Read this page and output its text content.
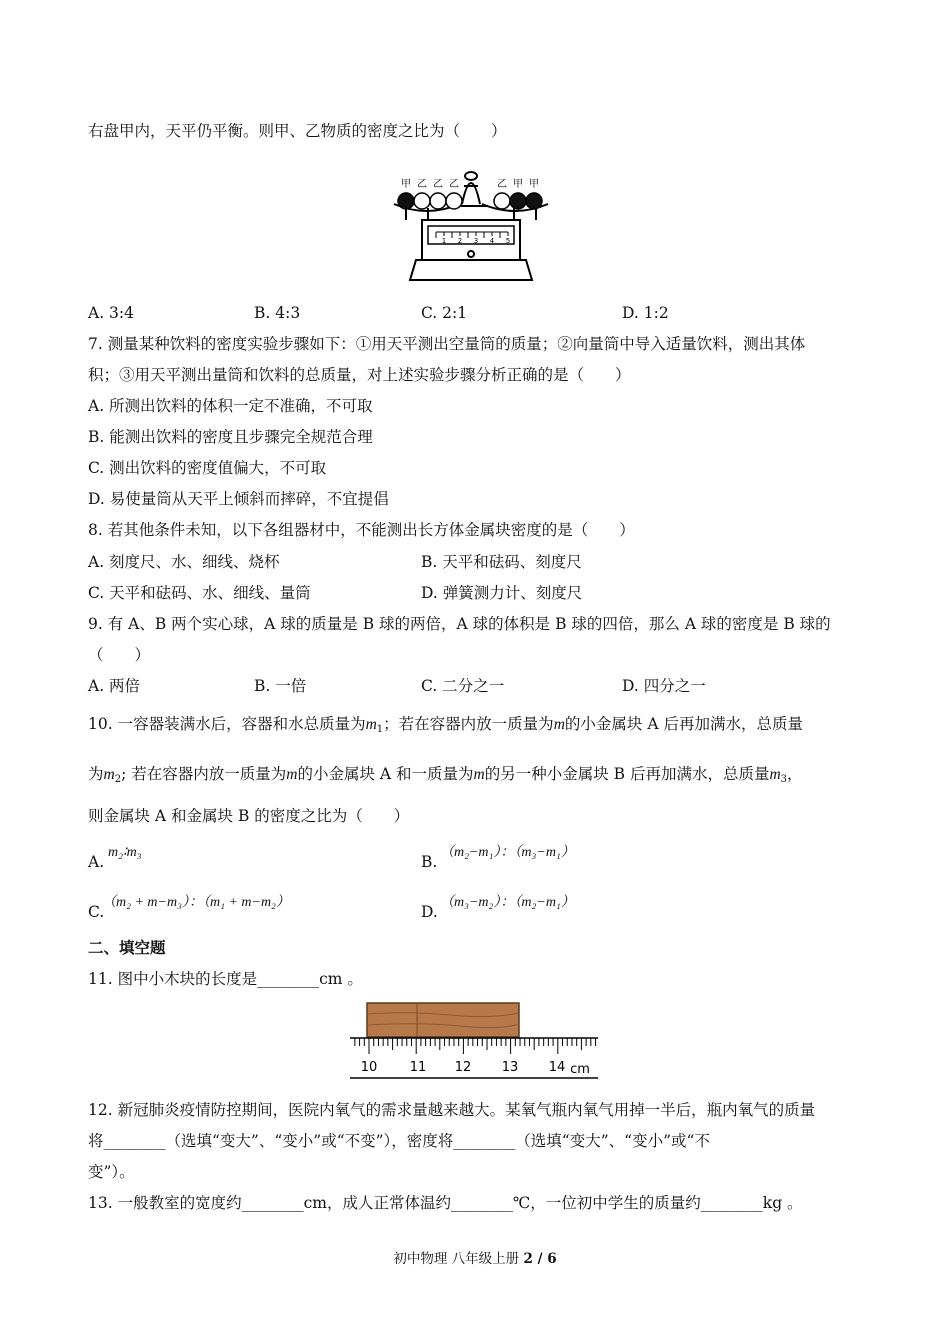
右盘甲内，天平仍平衡。则甲、乙物质的密度之比为（　　）
甲 乙 乙 乙	乙 甲 甲
1 2 3 4 5
A. 3:4	B. 4:3	C. 2:1	D. 1:2
7. 测量某种饮料的密度实验步骤如下：①用天平测出空量筒的质量；②向量筒中导入适量饮料，测出其体
积；③用天平测出量筒和饮料的总质量，对上述实验步骤分析正确的是（　　）
A. 所测出饮料的体积一定不准确，不可取
B. 能测出饮料的密度且步骤完全规范合理
C. 测出饮料的密度值偏大，不可取
D. 易使量筒从天平上倾斜而摔碎，不宜提倡
8. 若其他条件未知，以下各组器材中，不能测出长方体金属块密度的是（　　）
A. 刻度尺、水、细线、烧杯	B. 天平和砝码、刻度尺
C. 天平和砝码、水、细线、量筒	D. 弹簧测力计、刻度尺
9. 有 A、B 两个实心球，A 球的质量是 B 球的两倍，A 球的体积是 B 球的四倍，那么 A 球的密度是 B 球的
（　　）
A. 两倍	B. 一倍	C. 二分之一	D. 四分之一
10. 一容器装满水后，容器和水总质量为$m_1$；若在容器内放一质量为m的小金属块 A 后再加满水，总质量
为$m_2$; 若在容器内放一质量为m的小金属块 A 和一质量为m的另一种小金属块 B 后再加满水，总质量$m_3$，
则金属块 A 和金属块 B 的密度之比为（　　）
A.
m₂∶m₃
B.
（m₂−m₁）：（m₃−m₁）
C.
（m₂ + m−m₃）：（m₁ + m−m₂）
D.
（m₃−m₂）：（m₂−m₁）
二、填空题
11. 图中小木块的长度是________cm 。
10 11 12 13 14 cm
12. 新冠肺炎疫情防控期间，医院内氧气的需求量越来越大。某氧气瓶内氧气用掉一半后，瓶内氧气的质量
将________（选填“变大”、“变小”或“不变”），密度将________（选填“变大”、“变小”或“不
变”）。
13. 一般教室的宽度约________cm，成人正常体温约________℃，一位初中学生的质量约________kg 。
初中物理 八年级上册 2 / 6
